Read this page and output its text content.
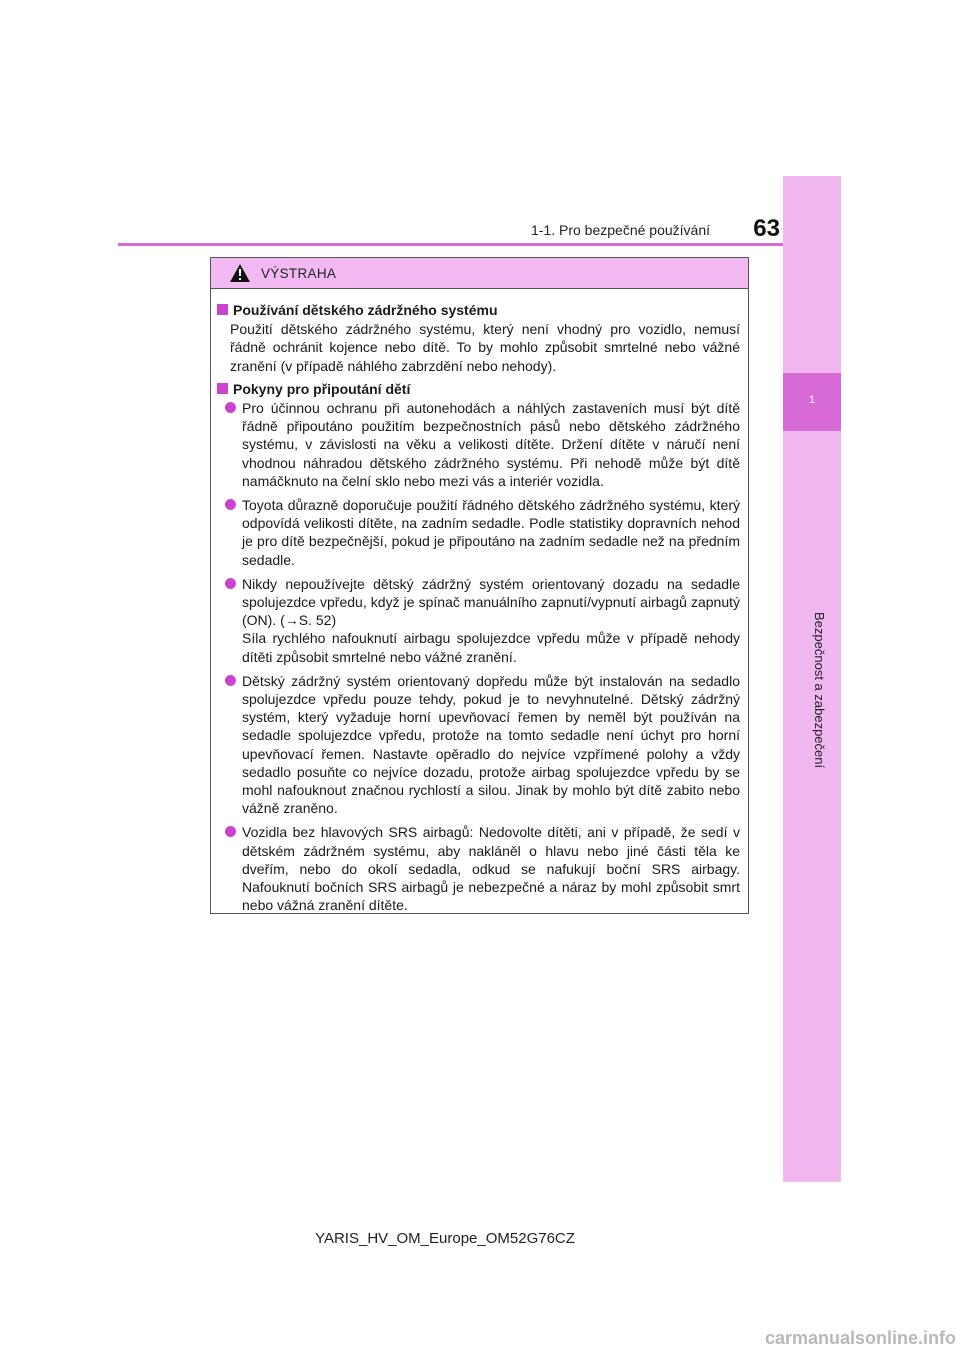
1
Bezpečnost a zabezpečení
1-1. Pro bezpečné používání	63
VÝSTRAHA
Používání dětského zádržného systému
Použití dětského zádržného systému, který není vhodný pro vozidlo, nemusí řádně ochránit kojence nebo dítě. To by mohlo způsobit smrtelné nebo vážné zranění (v případě náhlého zabrzdění nebo nehody).
Pokyny pro připoutání dětí
Pro účinnou ochranu při autonehodách a náhlých zastaveních musí být dítě řádně připoutáno použitím bezpečnostních pásů nebo dětského zádržného systému, v závislosti na věku a velikosti dítěte. Držení dítěte v náručí není vhodnou náhradou dětského zádržného systému. Při nehodě může být dítě namáčknuto na čelní sklo nebo mezi vás a interiér vozidla.
Toyota důrazně doporučuje použití řádného dětského zádržného systému, který odpovídá velikosti dítěte, na zadním sedadle. Podle statistiky dopravních nehod je pro dítě bezpečnější, pokud je připoutáno na zadním sedadle než na předním sedadle.

Nikdy nepoužívejte dětský zádržný systém orientovaný dozadu na sedadle spolujezdce vpředu, když je spínač manuálního zapnutí/vypnutí airbagů zapnutý (ON). (→S. 52)

Síla rychlého nafouknutí airbagu spolujezdce vpředu může v případě nehody dítěti způsobit smrtelné nebo vážné zranění.

Dětský zádržný systém orientovaný dopředu může být instalován na sedadlo spolujezdce vpředu pouze tehdy, pokud je to nevyhnutelné. Dětský zádržný systém, který vyžaduje horní upevňovací řemen by neměl být používán na sedadle spolujezdce vpředu, protože na tomto sedadle není úchyt pro horní upevňovací řemen. Nastavte opěradlo do nejvíce vzpřímené polohy a vždy sedadlo posuňte co nejvíce dozadu, protože airbag spolujezdce vpředu by se mohl nafouknout značnou rychlostí a silou. Jinak by mohlo být dítě zabito nebo vážně zraněno.
Vozidla bez hlavových SRS airbagů: Nedovolte dítěti, ani v případě, že sedí v dětském zádržném systému, aby nakláněl o hlavu nebo jiné části těla ke dveřím, nebo do okolí sedadla, odkud se nafukují boční SRS airbagy. Nafouknutí bočních SRS airbagů je nebezpečné a náraz by mohl způsobit smrt nebo vážná zranění dítěte.
YARIS_HV_OM_Europe_OM52G76CZ
carmanualsonline.info
